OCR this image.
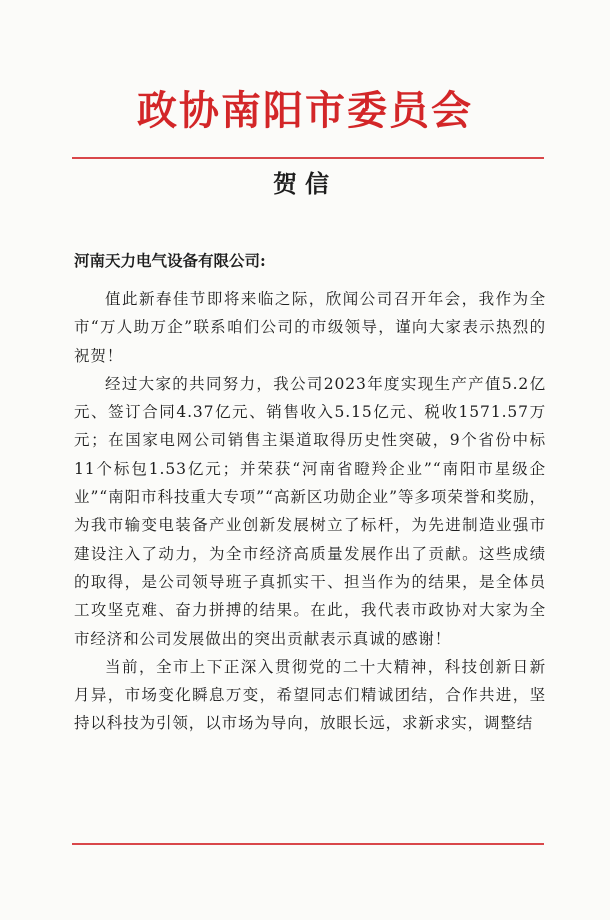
政协南阳市委员会
贺信
河南天力电气设备有限公司:

值此新春佳节即将来临之际，欣闻公司召开年会，我作为全市“万人助万企”联系咱们公司的市级领导，谨向大家表示热烈的祝贺！

经过大家的共同努力，我公司2023年度实现生产产值5.2亿元、签订合同4.37亿元、销售收入5.15亿元、税收1571.57万元；在国家电网公司销售主渠道取得历史性突破，9个省份中标11个标包1.53亿元；并荣获“河南省瞪羚企业”“南阳市星级企业”“南阳市科技重大专项”“高新区功勋企业”等多项荣誉和奖励，为我市输变电装备产业创新发展树立了标杆，为先进制造业强市建设注入了动力，为全市经济高质量发展作出了贡献。这些成绩的取得，是公司领导班子真抓实干、担当作为的结果，是全体员工攻坚克难、奋力拼搏的结果。在此，我代表市政协对大家为全市经济和公司发展做出的突出贡献表示真诚的感谢！

当前，全市上下正深入贯彻党的二十大精神，科技创新日新月异，市场变化瞬息万变，希望同志们精诚团结，合作共进，坚持以科技为引领，以市场为导向，放眼长远，求新求实，调整结
